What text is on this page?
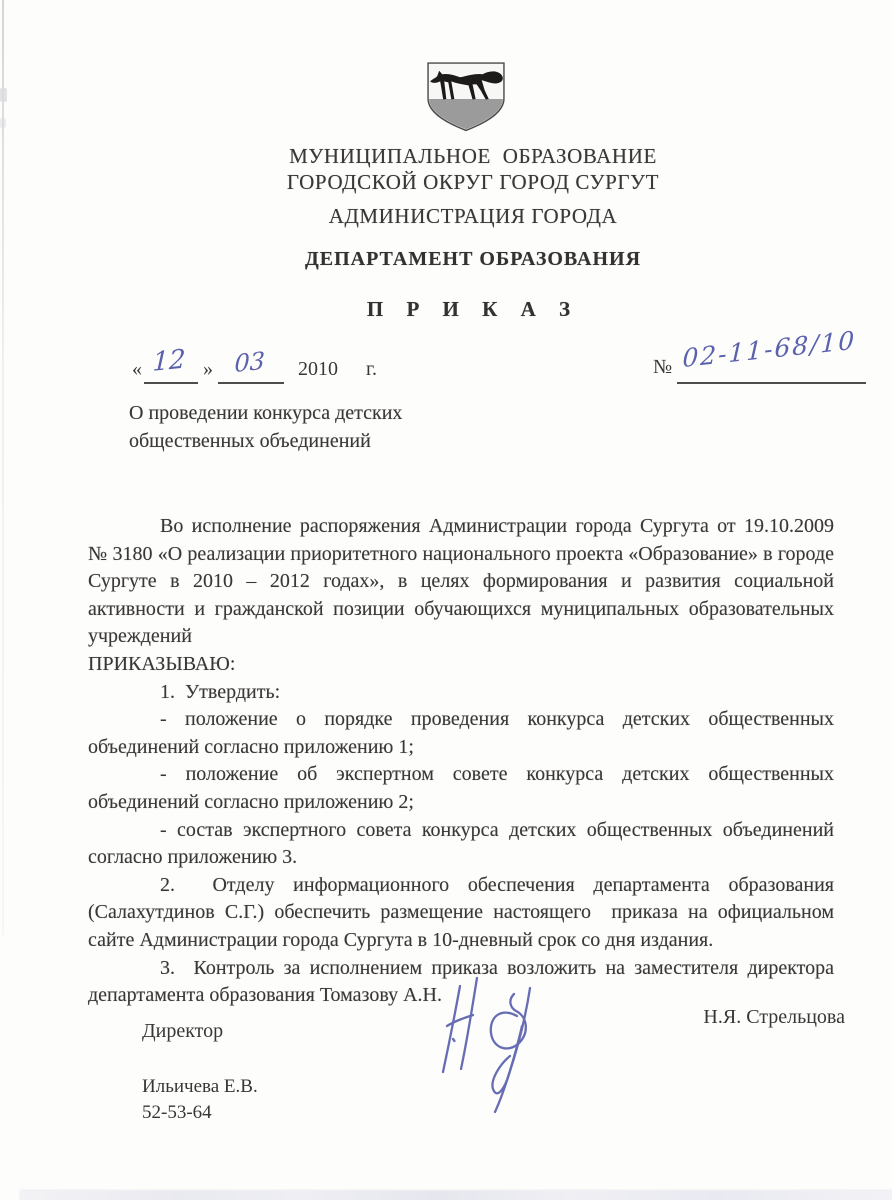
МУНИЦИПАЛЬНОЕ ОБРАЗОВАНИЕ
ГОРОДСКОЙ ОКРУГ ГОРОД СУРГУТ
АДМИНИСТРАЦИЯ ГОРОДА
ДЕПАРТАМЕНТ ОБРАЗОВАНИЯ
П Р И К А З
« 12 » 03 2010 г.	№ 02-11-68/10
О проведении конкурса детских
общественных объединений

Во исполнение распоряжения Администрации города Сургута от 19.10.2009 № 3180 «О реализации приоритетного национального проекта «Образование» в городе Сургуте в 2010 – 2012 годах», в целях формирования и развития социальной активности и гражданской позиции обучающихся муниципальных образовательных учреждений

ПРИКАЗЫВАЮ:

1.  Утвердить:

- положение о порядке проведения конкурса детских общественных объединений согласно приложению 1;

- положение об экспертном совете конкурса детских общественных объединений согласно приложению 2;

- состав экспертного совета конкурса детских общественных объединений согласно приложению 3.

2.  Отделу информационного обеспечения департамента образования (Салахутдинов С.Г.) обеспечить размещение настоящего  приказа на официальном сайте Администрации города Сургута в 10-дневный срок со дня издания.

3.  Контроль за исполнением приказа возложить на заместителя директора департамента образования Томазову А.Н.

Директор
Н.Я. Стрельцова
Ильичева Е.В.
52-53-64
